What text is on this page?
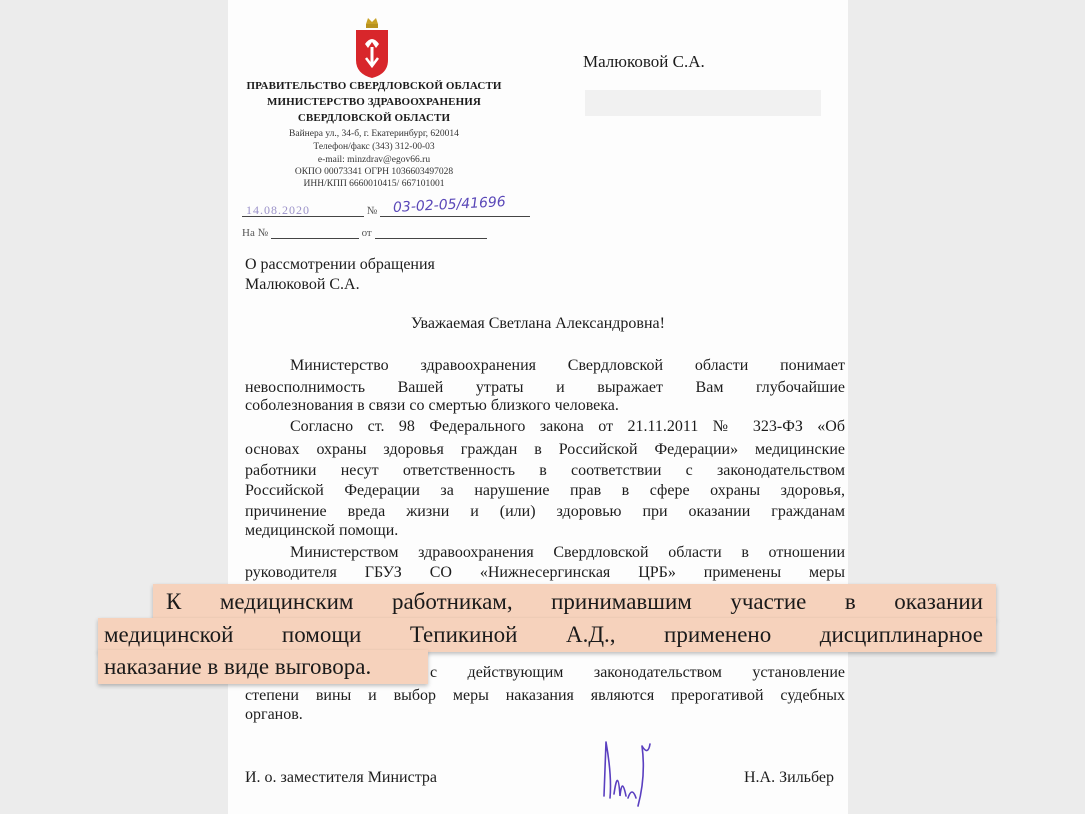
ПРАВИТЕЛЬСТВО СВЕРДЛОВСКОЙ ОБЛАСТИ
МИНИСТЕРСТВО ЗДРАВООХРАНЕНИЯ
СВЕРДЛОВСКОЙ ОБЛАСТИ
Вайнера ул., 34-б, г. Екатеринбург, 620014
Телефон/факс (343) 312-00-03
e-mail: minzdrav@egov66.ru
ОКПО 00073341 ОГРН 1036603497028
ИНН/КПП 6660010415/ 667101001
Малюковой С.А.
№
14.08.2020	03-02-05/41696
На №	от
О рассмотрении обращения
Малюковой С.А.
Уважаемая Светлана Александровна!
Министерство здравоохранения Свердловской области понимает
невосполнимость Вашей утраты и выражает Вам глубочайшие
соболезнования в связи со смертью близкого человека.
Согласно ст. 98 Федерального закона от 21.11.2011 № 323-ФЗ «Об
основах охраны здоровья граждан в Российской Федерации» медицинские
работники несут ответственность в соответствии с законодательством
Российской Федерации за нарушение прав в сфере охраны здоровья,
причинение вреда жизни и (или) здоровью при оказании гражданам
медицинской помощи.
Министерством здравоохранения Свердловской области в отношении
руководителя ГБУЗ СО «Нижнесергинская ЦРБ» применены меры
с действующим законодательством установление
степени вины и выбор меры наказания являются прерогативой судебных
органов.
К медицинским работникам, принимавшим участие в оказании
медицинской помощи Тепикиной А.Д., применено дисциплинарное
наказание в виде выговора.
И. о. заместителя Министра	Н.А. Зильбер
